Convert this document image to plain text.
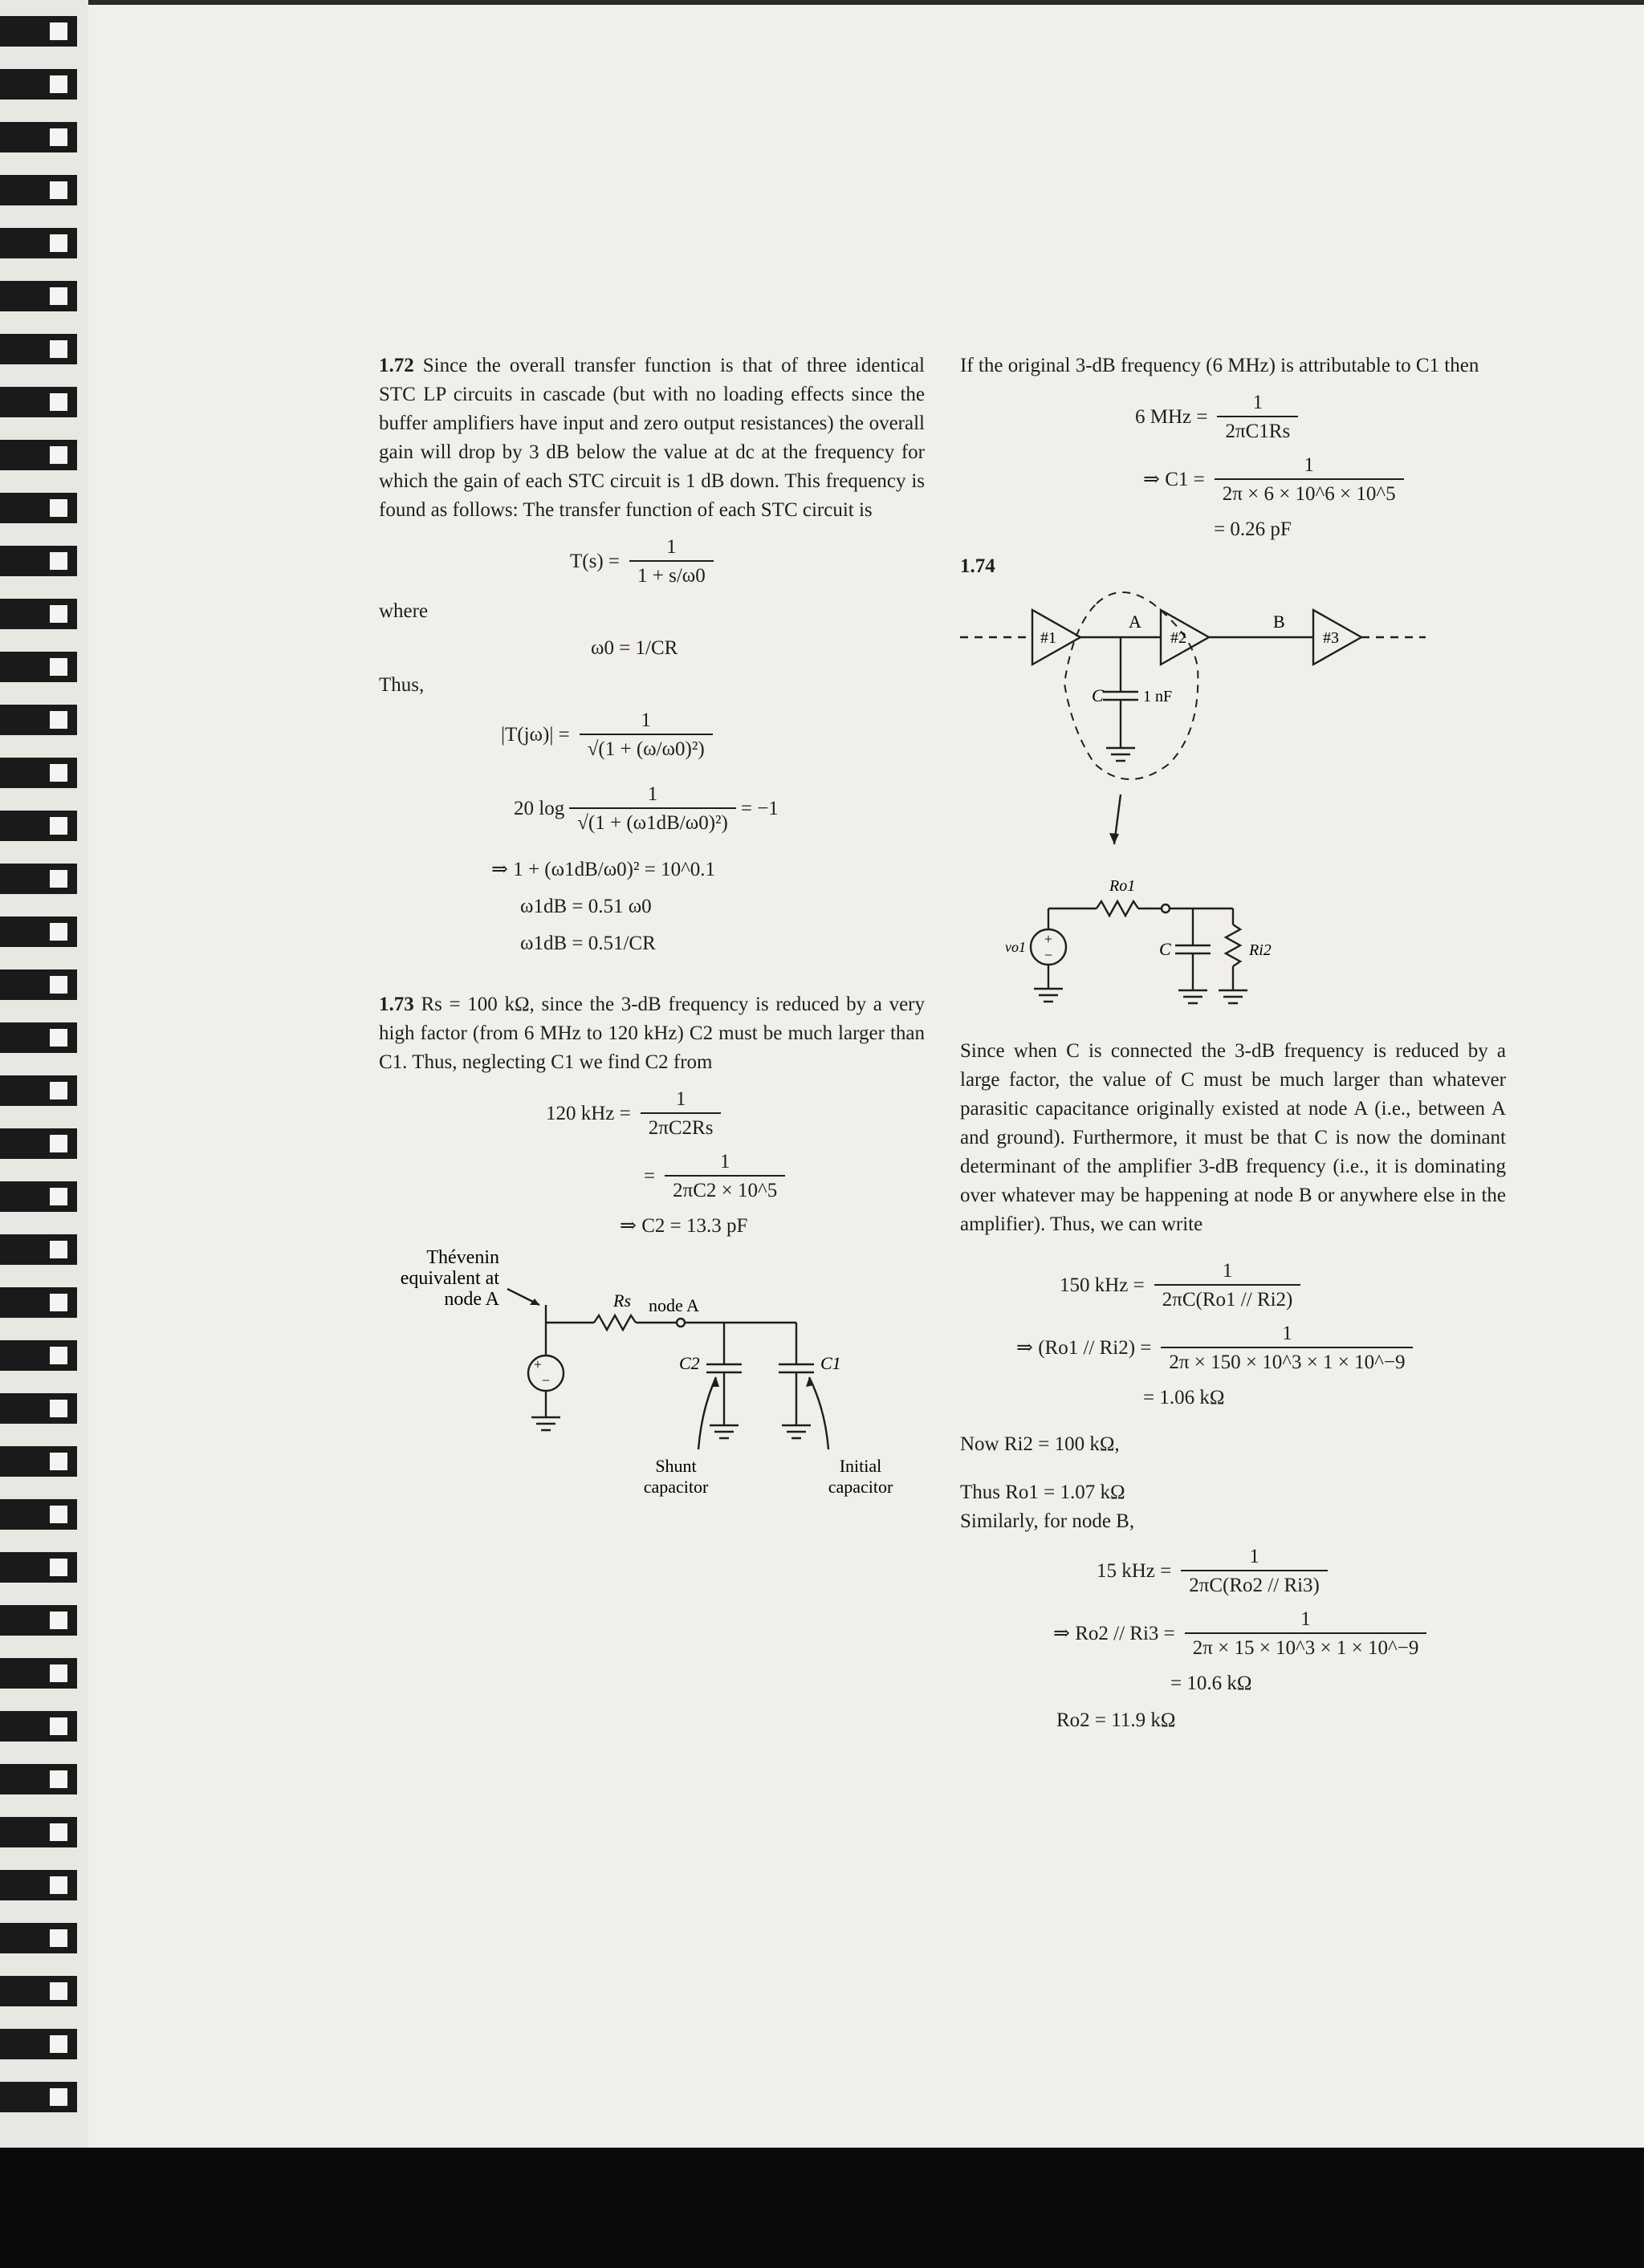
1.72 Since the overall transfer function is that of three identical STC LP circuits in cascade (but with no loading effects since the buffer amplifiers have input and zero output resistances) the overall gain will drop by 3 dB below the value at dc at the frequency for which the gain of each STC circuit is 1 dB down. This frequency is found as follows: The transfer function of each STC circuit is

$T(s) = \frac{1}{1 + s/\omega 0}$
where
ω0 = 1/CR
Thus,
$|T(j\omega)| = \frac{1}{\text{√(1 + (ω/ω0)²)}}$
20 $\log \frac{1}{\text{√(1 + (ω1dB/ω0)²)}} = -1$
⇒ 1 + (ω1dB/ω0)² = 10^0.1
ω1dB = 0.51 ω0
ω1dB = 0.51/CR

1.73 Rs = 100 kΩ, since the 3-dB frequency is reduced by a very high factor (from 6 MHz to 120 kHz) C2 must be much larger than C1. Thus, neglecting C1 we find C2 from

120 kHz = $\frac{1}{2\pi C2Rs}$
= $\frac{1}{2\pi C2 \times 10\^{}5}$
⇒ C2 = 13.3 pF
+
−
Thévenin
equivalent at
node A	Rs node A
C2	C1
Shunt
capacitor
Initial
capacitor

If the original 3-dB frequency (6 MHz) is attributable to C1 then

6 MHz = $\frac{1}{2\pi C1Rs}$
⇒ $C1 = \frac{1}{2\pi \times 6 \times 10\^{}6 \times 10\^{}5}$
= 0.26 pF
1.74
#1	#2	#3
A	B
C 1 nF
Ro1
vo1 +
−	C	Ri2

Since when C is connected the 3-dB frequency is reduced by a large factor, the value of C must be much larger than whatever parasitic capacitance originally existed at node A (i.e., between A and ground). Furthermore, it must be that C is now the dominant determinant of the amplifier 3-dB frequency (i.e., it is dominating over whatever may be happening at node B or anywhere else in the amplifier). Thus, we can write

150 kHz = $\frac{1}{2\pi C(Ro1 // Ri2)}$
⇒ $(Ro1 // Ri2) = \frac{1}{2\pi \times 150 \times 10\^{}3 \times 1 \times 10\^{}-9}$
= 1.06 kΩ
Now Ri2 = 100 kΩ,
Thus Ro1 = 1.07 kΩ
Similarly, for node B,
15 kHz = $\frac{1}{2\pi C(Ro2 // Ri3)}$
⇒ $Ro2 // Ri3 = \frac{1}{2\pi \times 15 \times 10\^{}3 \times 1 \times 10\^{}-9}$
= 10.6 kΩ
Ro2 = 11.9 kΩ
